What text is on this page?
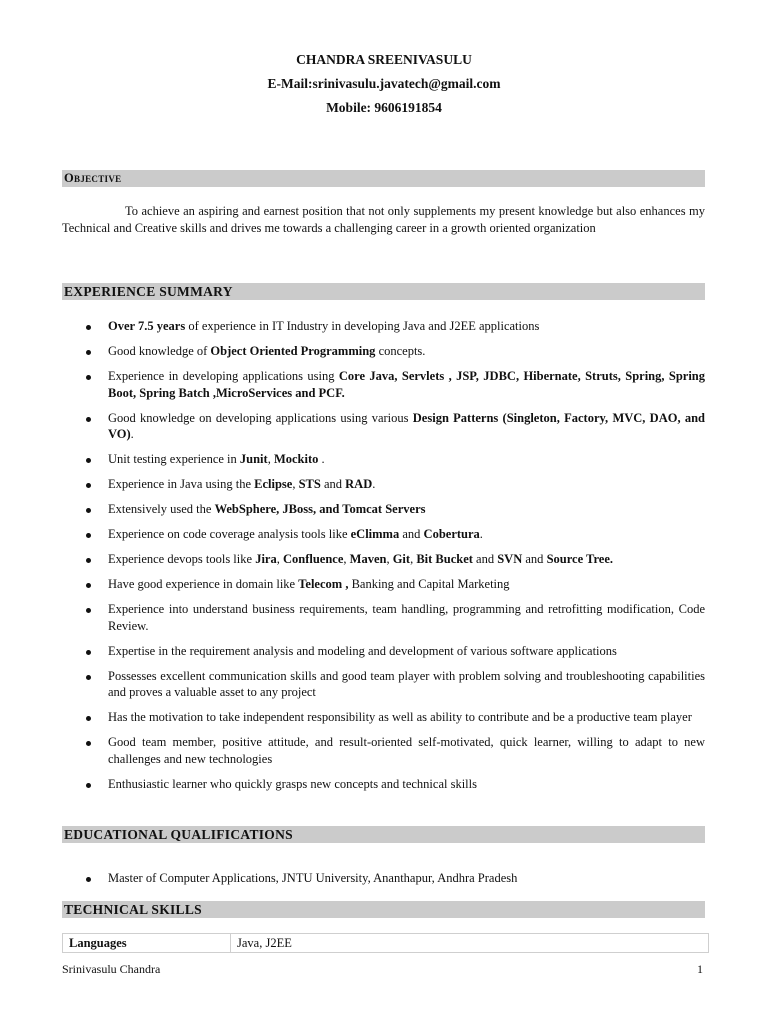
CHANDRA SREENIVASULU
E-Mail:srinivasulu.javatech@gmail.com
Mobile: 9606191854
Objective
To achieve an aspiring and earnest position that not only supplements my present knowledge but also enhances my Technical and Creative skills and drives me towards a challenging career in a growth oriented organization
EXPERIENCE SUMMARY
Over 7.5 years of experience in IT Industry in developing Java and J2EE applications
Good knowledge of Object Oriented Programming concepts.
Experience in developing applications using Core Java, Servlets , JSP, JDBC, Hibernate, Struts, Spring, Spring Boot, Spring Batch ,MicroServices and PCF.
Good knowledge on developing applications using various Design Patterns (Singleton, Factory, MVC, DAO, and VO).
Unit testing experience in Junit, Mockito .
Experience in Java using the Eclipse, STS and RAD.
Extensively used the WebSphere, JBoss, and Tomcat Servers
Experience on code coverage analysis tools like eClimma and Cobertura.
Experience devops tools like Jira, Confluence, Maven, Git, Bit Bucket and SVN and Source Tree.
Have good experience in domain like Telecom , Banking and Capital Marketing
Experience into understand business requirements, team handling, programming and retrofitting modification, Code Review.
Expertise in the requirement analysis and modeling and development of various software applications
Possesses excellent communication skills and good team player with problem solving and troubleshooting capabilities and proves a valuable asset to any project
Has the motivation to take independent responsibility as well as ability to contribute and be a productive team player
Good team member, positive attitude, and result-oriented self-motivated, quick learner, willing to adapt to new challenges and new technologies
Enthusiastic learner who quickly grasps new concepts and technical skills
EDUCATIONAL QUALIFICATIONS
Master of Computer Applications, JNTU University, Ananthapur, Andhra Pradesh
TECHNICAL SKILLS
Languages	Java, J2EE
Srinivasulu Chandra	1
